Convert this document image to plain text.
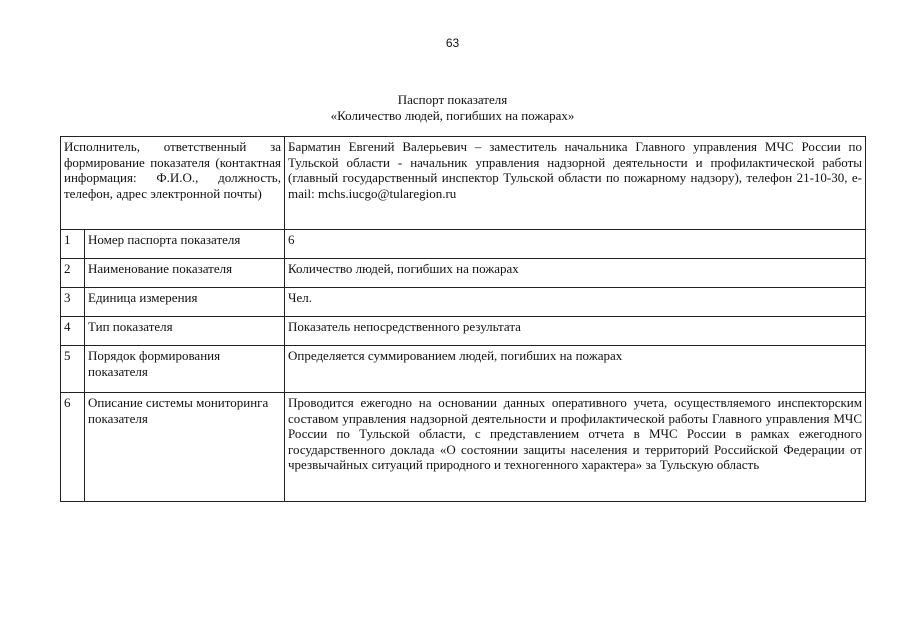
63
Паспорт показателя
«Количество людей, погибших на пожарах»
Исполнитель, ответственный за формирование показателя (контактная информация: Ф.И.О., должность, телефон, адрес электронной почты)		Барматин Евгений Валерьевич – заместитель начальника Главного управления МЧС России по Тульской области - начальник управления надзорной деятельности и профилактической работы (главный государственный инспектор Тульской области по пожарному надзору), телефон 21-10-30, e-mail: mchs.iucgo@tularegion.ru
1	Номер паспорта показателя	6
2	Наименование показателя	Количество людей, погибших на пожарах
3	Единица измерения	Чел.
4	Тип показателя	Показатель непосредственного результата
5	Порядок формирования показателя	Определяется суммированием людей, погибших на пожарах
6	Описание системы мониторинга показателя	Проводится ежегодно на основании данных оперативного учета, осуществляемого инспекторским составом управления надзорной деятельности и профилактической работы Главного управления МЧС России по Тульской области, с представлением отчета в МЧС России в рамках ежегодного государственного доклада «О состоянии защиты населения и территорий Российской Федерации от чрезвычайных ситуаций природного и техногенного характера» за Тульскую область
